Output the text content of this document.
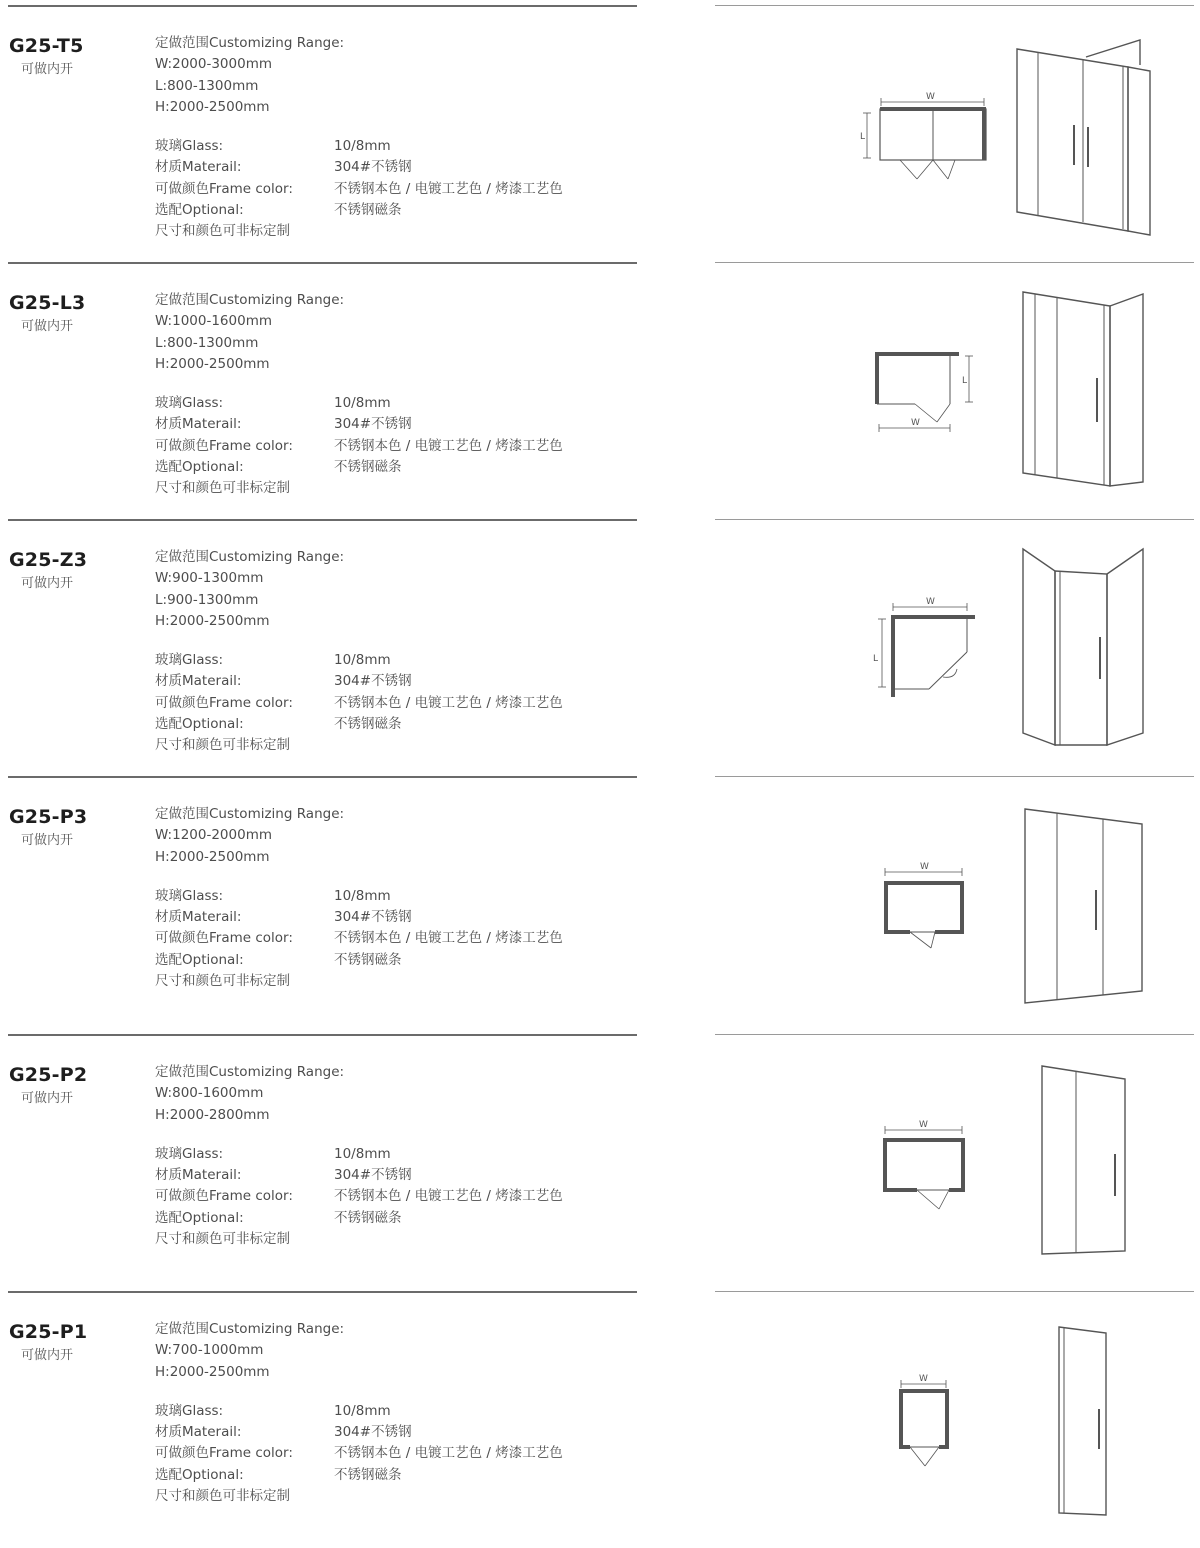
G25-T5
可做内开
定做范围Customizing Range:
W:2000-3000mm
L:800-1300mm
H:2000-2500mm
玻璃Glass:	10/8mm
材质Materail:	304#不锈钢
可做颜色Frame color:	不锈钢本色 / 电镀工艺色 / 烤漆工艺色
选配Optional:	不锈钢磁条
尺寸和颜色可非标定制
W
L
G25-L3
可做内开
定做范围Customizing Range:
W:1000-1600mm
L:800-1300mm
H:2000-2500mm
玻璃Glass:	10/8mm
材质Materail:	304#不锈钢
可做颜色Frame color:	不锈钢本色 / 电镀工艺色 / 烤漆工艺色
选配Optional:	不锈钢磁条
尺寸和颜色可非标定制
L
W
G25-Z3
可做内开
定做范围Customizing Range:
W:900-1300mm
L:900-1300mm
H:2000-2500mm
玻璃Glass:	10/8mm
材质Materail:	304#不锈钢
可做颜色Frame color:	不锈钢本色 / 电镀工艺色 / 烤漆工艺色
选配Optional:	不锈钢磁条
尺寸和颜色可非标定制
W
L
G25-P3
可做内开
定做范围Customizing Range:
W:1200-2000mm
H:2000-2500mm
玻璃Glass:	10/8mm
材质Materail:	304#不锈钢
可做颜色Frame color:	不锈钢本色 / 电镀工艺色 / 烤漆工艺色
选配Optional:	不锈钢磁条
尺寸和颜色可非标定制
W
G25-P2
可做内开
定做范围Customizing Range:
W:800-1600mm
H:2000-2800mm
玻璃Glass:	10/8mm
材质Materail:	304#不锈钢
可做颜色Frame color:	不锈钢本色 / 电镀工艺色 / 烤漆工艺色
选配Optional:	不锈钢磁条
尺寸和颜色可非标定制
W
G25-P1
可做内开
定做范围Customizing Range:
W:700-1000mm
H:2000-2500mm
玻璃Glass:	10/8mm
材质Materail:	304#不锈钢
可做颜色Frame color:	不锈钢本色 / 电镀工艺色 / 烤漆工艺色
选配Optional:	不锈钢磁条
尺寸和颜色可非标定制
W
